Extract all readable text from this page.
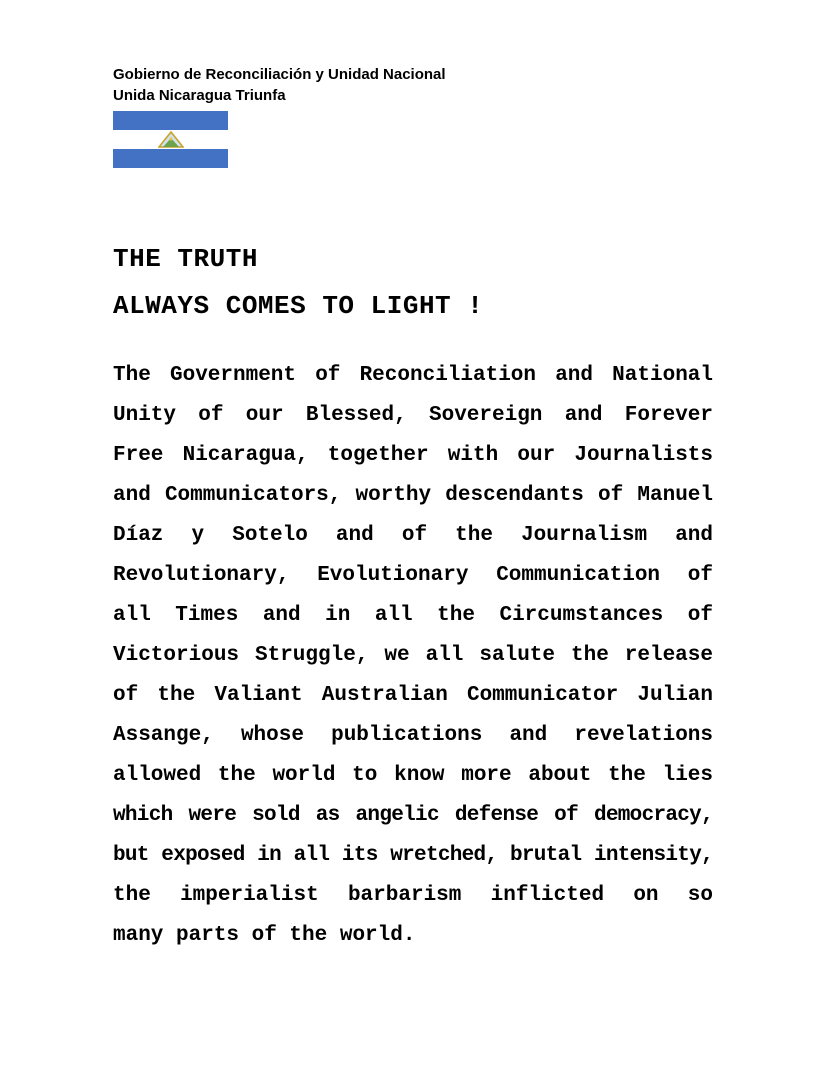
Gobierno de Reconciliación y Unidad Nacional
Unida Nicaragua Triunfa
THE TRUTH
ALWAYS COMES TO LIGHT !
The Government of Reconciliation and National
Unity of our Blessed, Sovereign and Forever
Free Nicaragua, together with our Journalists
and Communicators, worthy descendants of Manuel
Díaz y Sotelo and of the Journalism and
Revolutionary, Evolutionary Communication of
all Times and in all the Circumstances of
Victorious Struggle, we all salute the release
of the Valiant Australian Communicator Julian
Assange, whose publications and revelations
allowed the world to know more about the lies
which were sold as angelic defense of democracy,
but exposed in all its wretched, brutal intensity,
the imperialist barbarism inflicted on so
many parts of the world.
